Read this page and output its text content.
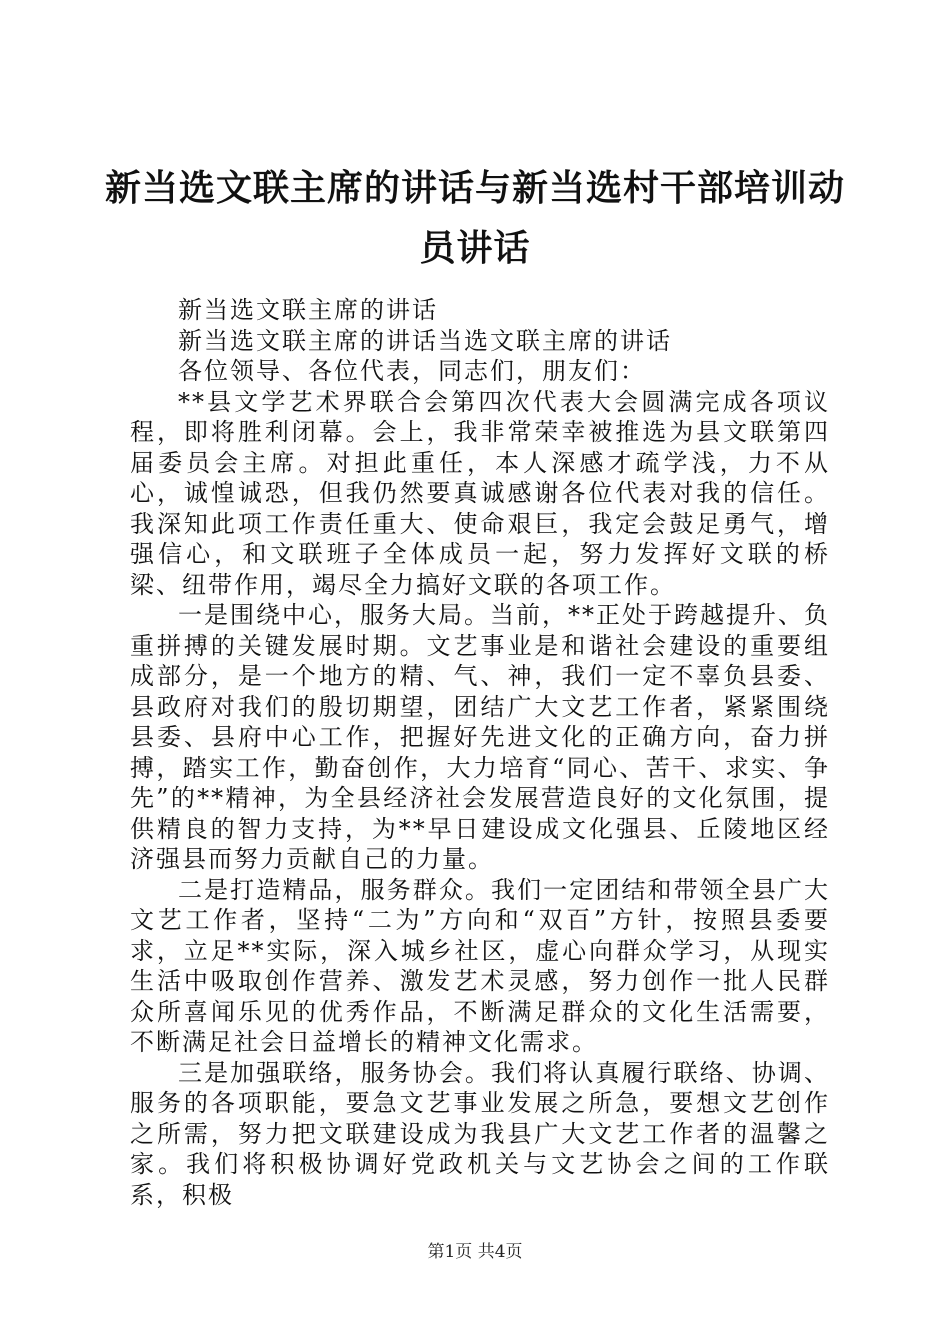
新当选文联主席的讲话与新当选村干部培训动员讲话

新当选文联主席的讲话

新当选文联主席的讲话当选文联主席的讲话

各位领导、各位代表，同志们，朋友们：

**县文学艺术界联合会第四次代表大会圆满完成各项议程，即将胜利闭幕。会上，我非常荣幸被推选为县文联第四届委员会主席。对担此重任，本人深感才疏学浅，力不从心，诚惶诚恐，但我仍然要真诚感谢各位代表对我的信任。我深知此项工作责任重大、使命艰巨，我定会鼓足勇气，增强信心，和文联班子全体成员一起，努力发挥好文联的桥梁、纽带作用，竭尽全力搞好文联的各项工作。

一是围绕中心，服务大局。当前，**正处于跨越提升、负重拼搏的关键发展时期。文艺事业是和谐社会建设的重要组成部分，是一个地方的精、气、神，我们一定不辜负县委、县政府对我们的殷切期望，团结广大文艺工作者，紧紧围绕县委、县府中心工作，把握好先进文化的正确方向，奋力拼搏，踏实工作，勤奋创作，大力培育“同心、苦干、求实、争先”的**精神，为全县经济社会发展营造良好的文化氛围，提供精良的智力支持，为**早日建设成文化强县、丘陵地区经济强县而努力贡献自己的力量。

二是打造精品，服务群众。我们一定团结和带领全县广大文艺工作者，坚持“二为”方向和“双百”方针，按照县委要求，立足**实际，深入城乡社区，虚心向群众学习，从现实生活中吸取创作营养、激发艺术灵感，努力创作一批人民群众所喜闻乐见的优秀作品，不断满足群众的文化生活需要，不断满足社会日益增长的精神文化需求。

三是加强联络，服务协会。我们将认真履行联络、协调、服务的各项职能，要急文艺事业发展之所急，要想文艺创作之所需，努力把文联建设成为我县广大文艺工作者的温馨之家。我们将积极协调好党政机关与文艺协会之间的工作联系，积极

第1页 共4页
